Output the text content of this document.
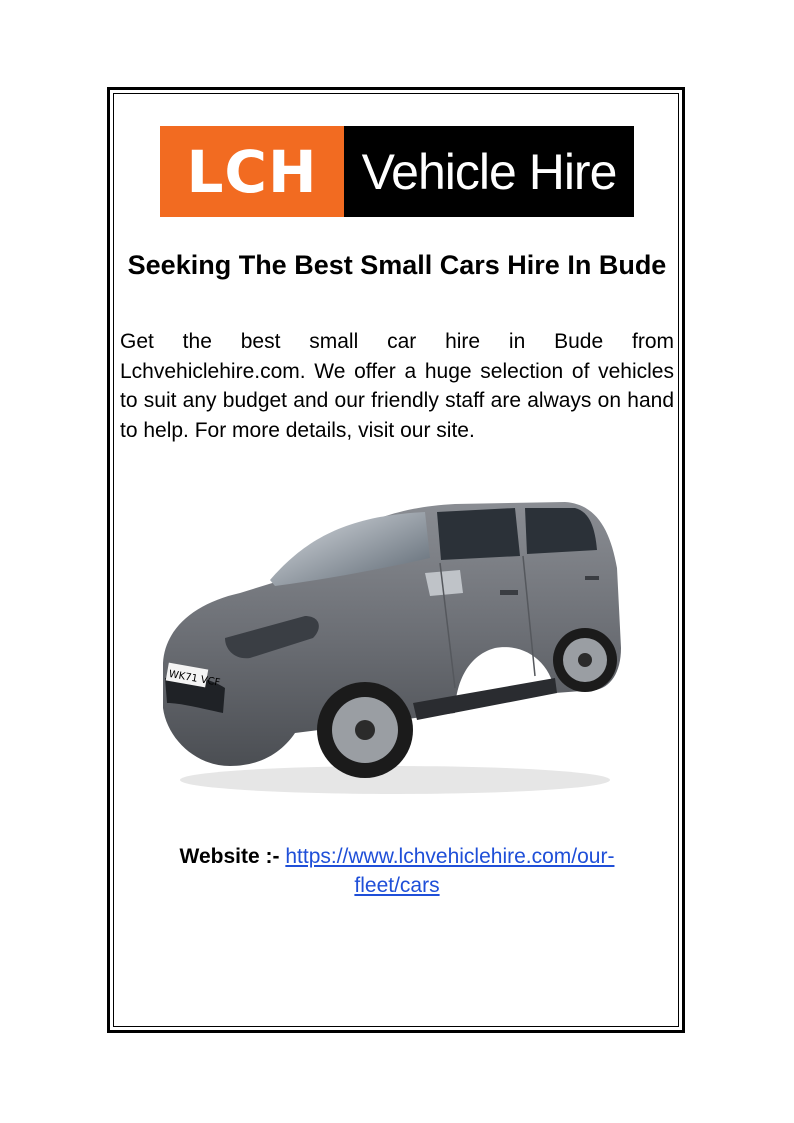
LCH Vehicle Hire
Seeking The Best Small Cars Hire In Bude

Get the best small car hire in Bude from Lchvehiclehire.com. We offer a huge selection of vehicles to suit any budget and our friendly staff are always on hand to help. For more details, visit our site.

WK71 VCF
Website :- https://www.lchvehiclehire.com/our-
fleet/cars
